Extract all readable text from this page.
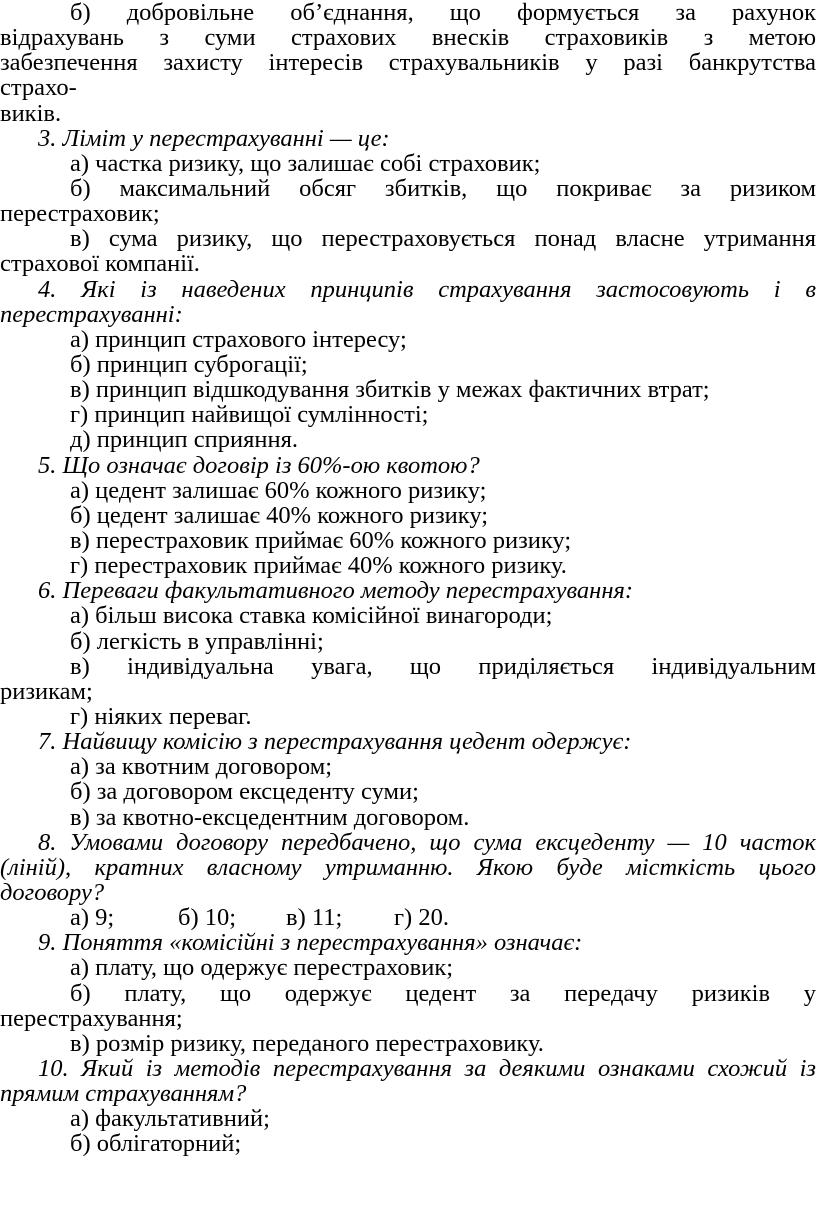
б) добровільне об’єднання, що формується за рахунок
відрахувань з суми страхових внесків страховиків з метою
забезпечення захисту інтересів страхувальників у разі банкрутства
страхо-
виків.
3. Ліміт у перестрахуванні — це:
а) частка ризику, що залишає собі страховик;
б) максимальний обсяг збитків, що покриває за ризиком
перестраховик;
в) сума ризику, що перестраховується понад власне утримання
страхової компанії.
4. Які із наведених принципів страхування застосовують і в
перестрахуванні:
а) принцип страхового інтересу;
б) принцип суброгації;
в) принцип відшкодування збитків у межах фактичних втрат;
г) принцип найвищої сумлінності;
д) принцип сприяння.
5. Що означає договір із 60%-ою квотою?
а) цедент залишає 60% кожного ризику;
б) цедент залишає 40% кожного ризику;
в) перестраховик приймає 60% кожного ризику;
г) перестраховик приймає 40% кожного ризику.
6. Переваги факультативного методу перестрахування:
а) більш висока ставка комісійної винагороди;
б) легкість в управлінні;
в) індивідуальна увага, що приділяється індивідуальним
ризикам;
г) ніяких переваг.
7. Найвищу комісію з перестрахування цедент одержує:
а) за квотним договором;
б) за договором ексцеденту суми;
в) за квотно-ексцедентним договором.
8. Умовами договору передбачено, що сума ексцеденту — 10 часток
(ліній), кратних власному утриманню. Якою буде місткість цього
договору?
а) 9;	б) 10; в) 11; г) 20.
9. Поняття «комісійні з перестрахування» означає:
а) плату, що одержує перестраховик;
б) плату, що одержує цедент за передачу ризиків у
перестрахування;
в) розмір ризику, переданого перестраховику.
10. Який із методів перестрахування за деякими ознаками схожий із
прямим страхуванням?
а) факультативний;
б) облігаторний;
